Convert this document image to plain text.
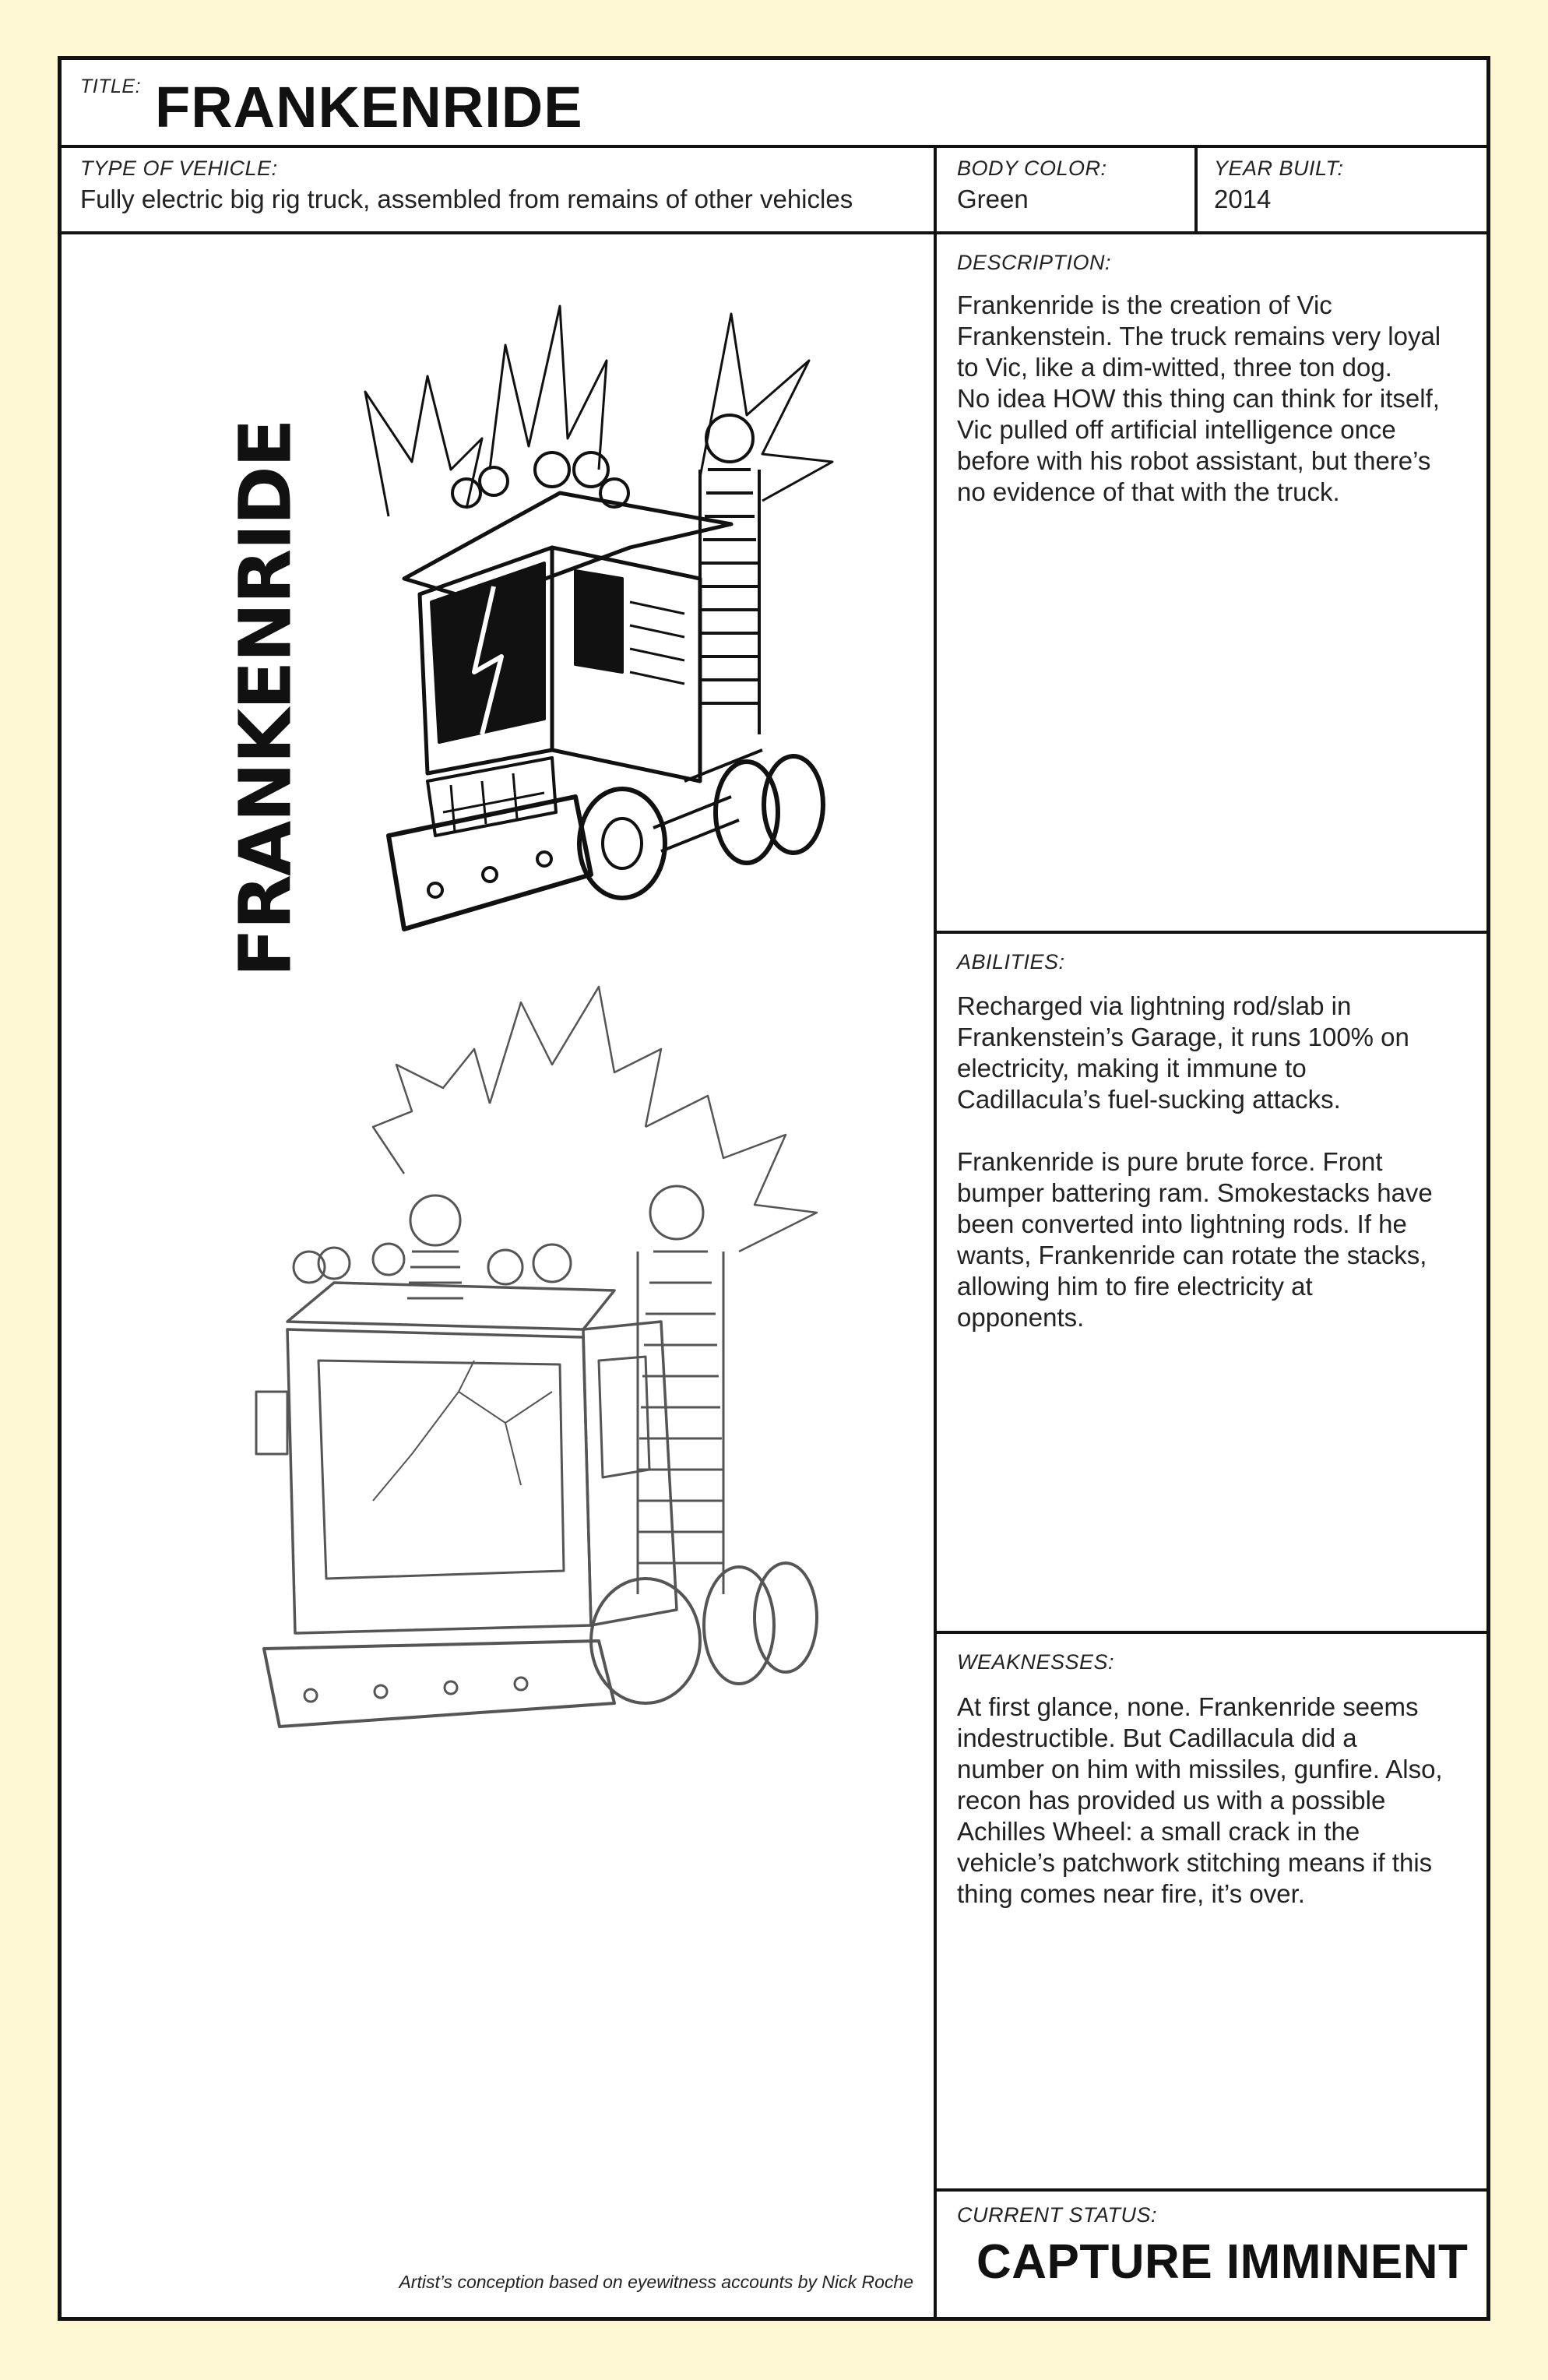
TITLE: FRANKENRIDE
TYPE OF VEHICLE:
Fully electric big rig truck, assembled from remains of other vehicles
BODY COLOR:
Green
YEAR BUILT:
2014
FRANKENRIDE
Artist’s conception based on eyewitness accounts by Nick Roche
DESCRIPTION:
Frankenride is the creation of Vic
Frankenstein. The truck remains very loyal
to Vic, like a dim-witted, three ton dog.
No idea HOW this thing can think for itself,
Vic pulled off artificial intelligence once
before with his robot assistant, but there’s
no evidence of that with the truck.
ABILITIES:
Recharged via lightning rod/slab in
Frankenstein’s Garage, it runs 100% on
electricity, making it immune to
Cadillacula’s fuel-sucking attacks.
Frankenride is pure brute force. Front
bumper battering ram. Smokestacks have
been converted into lightning rods. If he
wants, Frankenride can rotate the stacks,
allowing him to fire electricity at
opponents.
WEAKNESSES:
At first glance, none. Frankenride seems
indestructible. But Cadillacula did a
number on him with missiles, gunfire. Also,
recon has provided us with a possible
Achilles Wheel: a small crack in the
vehicle’s patchwork stitching means if this
thing comes near fire, it’s over.
CURRENT STATUS:
CAPTURE IMMINENT
